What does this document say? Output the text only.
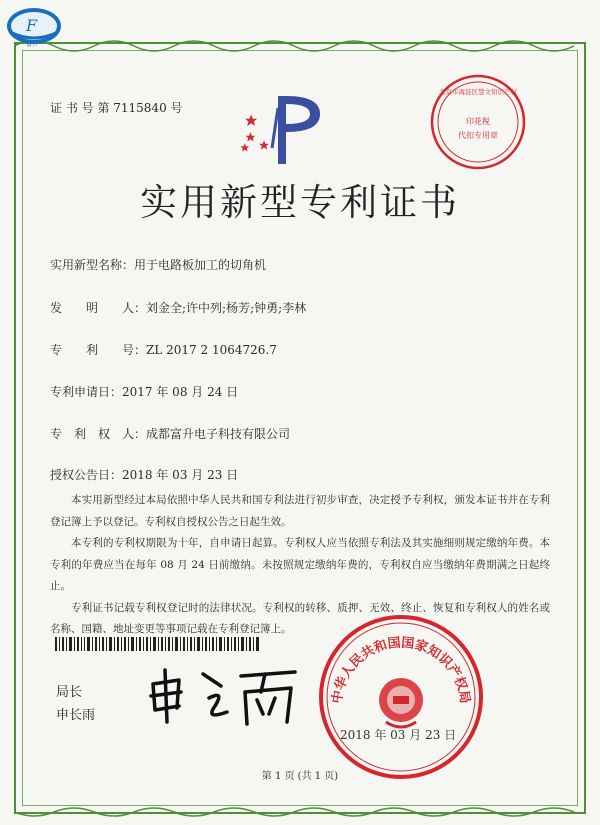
F
富升
证 书 号 第 7115840 号
北京市海淀区慧文知识产权
印花税
代扣专用章
实用新型专利证书
实用新型名称：用于电路板加工的切角机
发　　明　　人：刘金全;许中列;杨芳;钟勇;李林
专　　利　　号：ZL 2017 2 1064726.7
专利申请日：2017 年 08 月 24 日
专　利　权　人：成都富升电子科技有限公司
授权公告日：2018 年 03 月 23 日

本实用新型经过本局依照中华人民共和国专利法进行初步审查，决定授予专利权，颁发本证书并在专利登记簿上予以登记。专利权自授权公告之日起生效。

本专利的专利权期限为十年，自申请日起算。专利权人应当依照专利法及其实施细则规定缴纳年费。本专利的年费应当在每年 08 月 24 日前缴纳。未按照规定缴纳年费的，专利权自应当缴纳年费期满之日起终止。

专利证书记载专利权登记时的法律状况。专利权的转移、质押、无效、终止、恢复和专利权人的姓名或名称、国籍、地址变更等事项记载在专利登记簿上。

局长
申长雨
中华人民共和国国家知识产权局
2018 年 03 月 23 日
第 1 页 (共 1 页)
